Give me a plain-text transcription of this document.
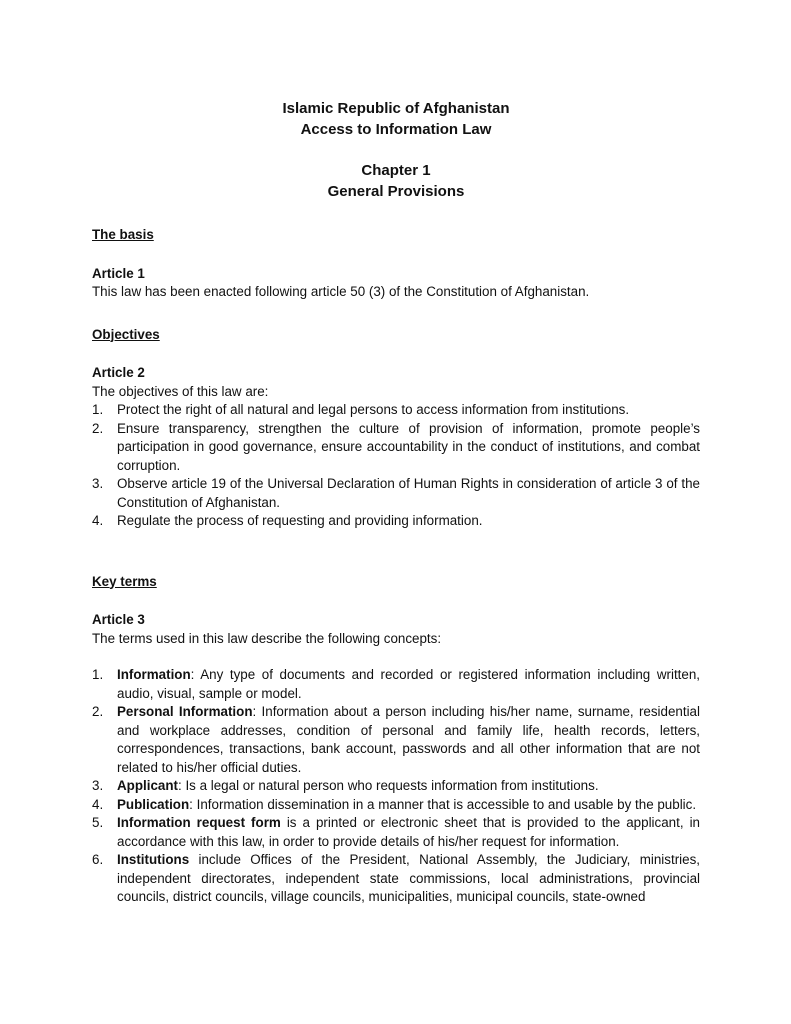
Islamic Republic of Afghanistan
Access to Information Law
Chapter 1
General Provisions
The basis
Article 1
This law has been enacted following article 50 (3) of the Constitution of Afghanistan.
Objectives
Article 2
The objectives of this law are:
1. Protect the right of all natural and legal persons to access information from institutions.
2. Ensure transparency, strengthen the culture of provision of information, promote people’s participation in good governance, ensure accountability in the conduct of institutions, and combat corruption.
3. Observe article 19 of the Universal Declaration of Human Rights in consideration of article 3 of the Constitution of Afghanistan.
4. Regulate the process of requesting and providing information.
Key terms
Article 3
The terms used in this law describe the following concepts:
1. Information: Any type of documents and recorded or registered information including written, audio, visual, sample or model.
2. Personal Information: Information about a person including his/her name, surname, residential and workplace addresses, condition of personal and family life, health records, letters, correspondences, transactions, bank account, passwords and all other information that are not related to his/her official duties.
3. Applicant: Is a legal or natural person who requests information from institutions.
4. Publication: Information dissemination in a manner that is accessible to and usable by the public.
5. Information request form is a printed or electronic sheet that is provided to the applicant, in accordance with this law, in order to provide details of his/her request for information.
6. Institutions include Offices of the President, National Assembly, the Judiciary, ministries, independent directorates, independent state commissions, local administrations, provincial councils, district councils, village councils, municipalities, municipal councils, state-owned
